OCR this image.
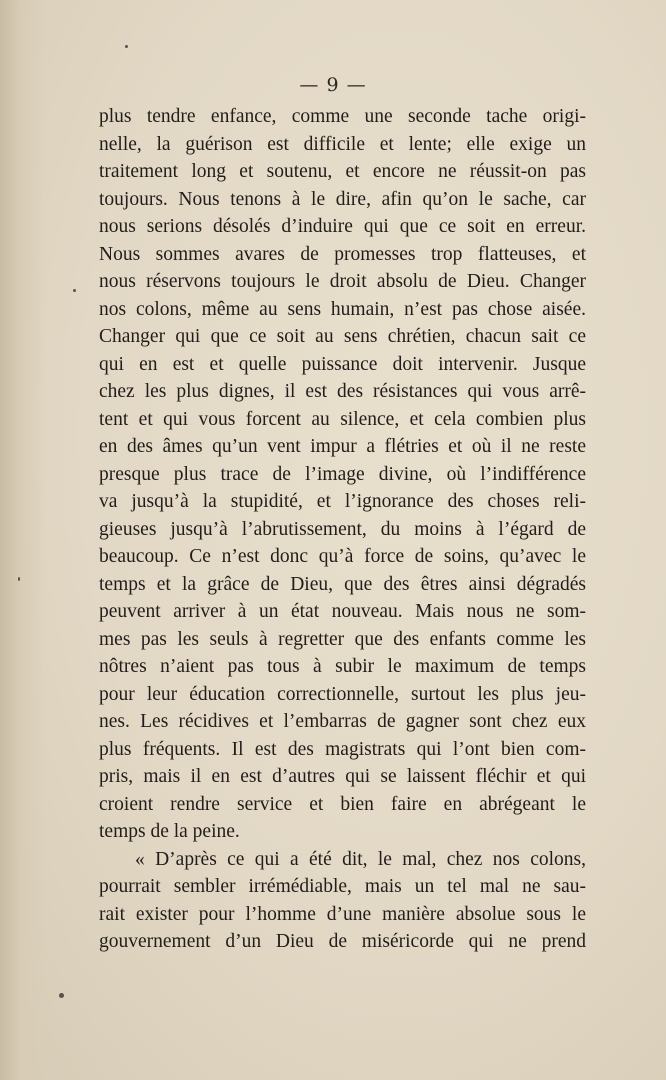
— 9 —
plus tendre enfance, comme une seconde tache origi-
nelle, la guérison est difficile et lente; elle exige un
traitement long et soutenu, et encore ne réussit-on pas
toujours. Nous tenons à le dire, afin qu’on le sache, car
nous serions désolés d’induire qui que ce soit en erreur.
Nous sommes avares de promesses trop flatteuses, et
nous réservons toujours le droit absolu de Dieu. Changer
nos colons, même au sens humain, n’est pas chose aisée.
Changer qui que ce soit au sens chrétien, chacun sait ce
qui en est et quelle puissance doit intervenir. Jusque
chez les plus dignes, il est des résistances qui vous arrê-
tent et qui vous forcent au silence, et cela combien plus
en des âmes qu’un vent impur a flétries et où il ne reste
presque plus trace de l’image divine, où l’indifférence
va jusqu’à la stupidité, et l’ignorance des choses reli-
gieuses jusqu’à l’abrutissement, du moins à l’égard de
beaucoup. Ce n’est donc qu’à force de soins, qu’avec le
temps et la grâce de Dieu, que des êtres ainsi dégradés
peuvent arriver à un état nouveau. Mais nous ne som-
mes pas les seuls à regretter que des enfants comme les
nôtres n’aient pas tous à subir le maximum de temps
pour leur éducation correctionnelle, surtout les plus jeu-
nes. Les récidives et l’embarras de gagner sont chez eux
plus fréquents. Il est des magistrats qui l’ont bien com-
pris, mais il en est d’autres qui se laissent fléchir et qui
croient rendre service et bien faire en abrégeant le
temps de la peine.
« D’après ce qui a été dit, le mal, chez nos colons,
pourrait sembler irrémédiable, mais un tel mal ne sau-
rait exister pour l’homme d’une manière absolue sous le
gouvernement d’un Dieu de miséricorde qui ne prend
